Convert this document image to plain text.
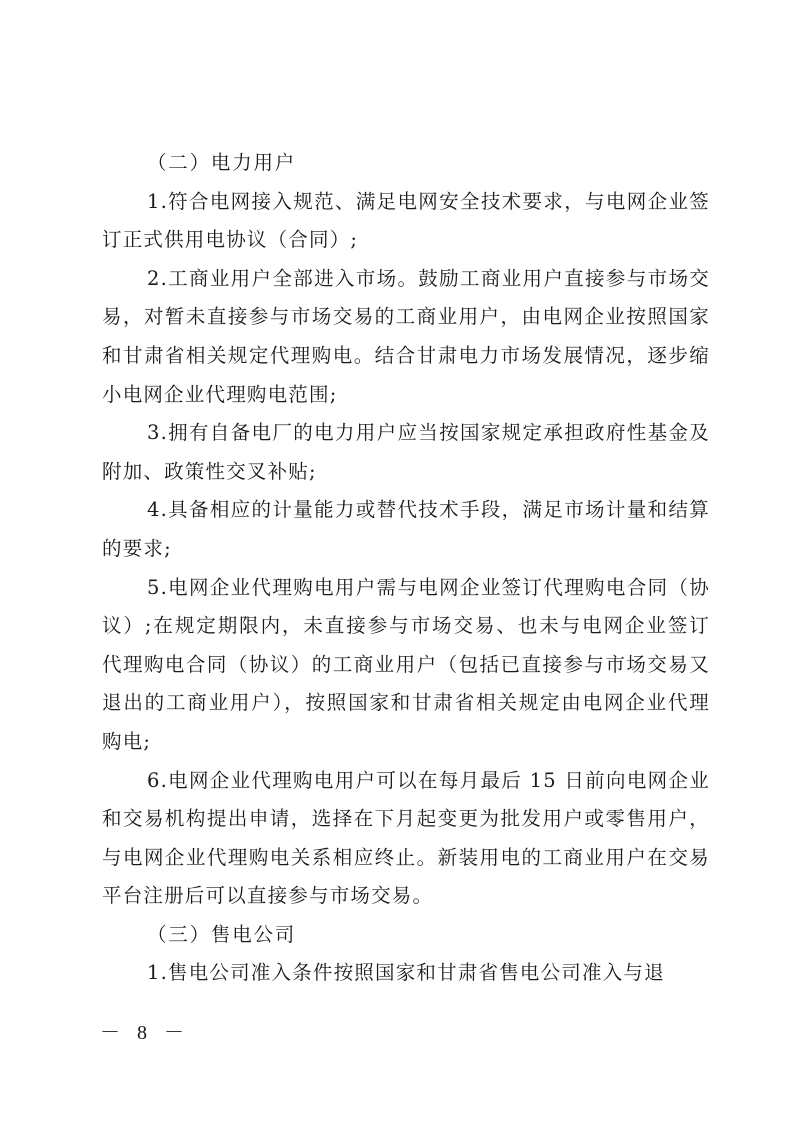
（二）电力用户

1.符合电网接入规范、满足电网安全技术要求，与电网企业签订正式供用电协议（合同）;

2.工商业用户全部进入市场。鼓励工商业用户直接参与市场交易，对暂未直接参与市场交易的工商业用户，由电网企业按照国家和甘肃省相关规定代理购电。结合甘肃电力市场发展情况，逐步缩小电网企业代理购电范围;

3.拥有自备电厂的电力用户应当按国家规定承担政府性基金及附加、政策性交叉补贴;

4.具备相应的计量能力或替代技术手段，满足市场计量和结算的要求;

5.电网企业代理购电用户需与电网企业签订代理购电合同（协议）;在规定期限内，未直接参与市场交易、也未与电网企业签订代理购电合同（协议）的工商业用户（包括已直接参与市场交易又退出的工商业用户），按照国家和甘肃省相关规定由电网企业代理购电;

6.电网企业代理购电用户可以在每月最后 15 日前向电网企业和交易机构提出申请，选择在下月起变更为批发用户或零售用户，与电网企业代理购电关系相应终止。新装用电的工商业用户在交易平台注册后可以直接参与市场交易。

（三）售电公司

1.售电公司准入条件按照国家和甘肃省售电公司准入与退

－ 8 －
